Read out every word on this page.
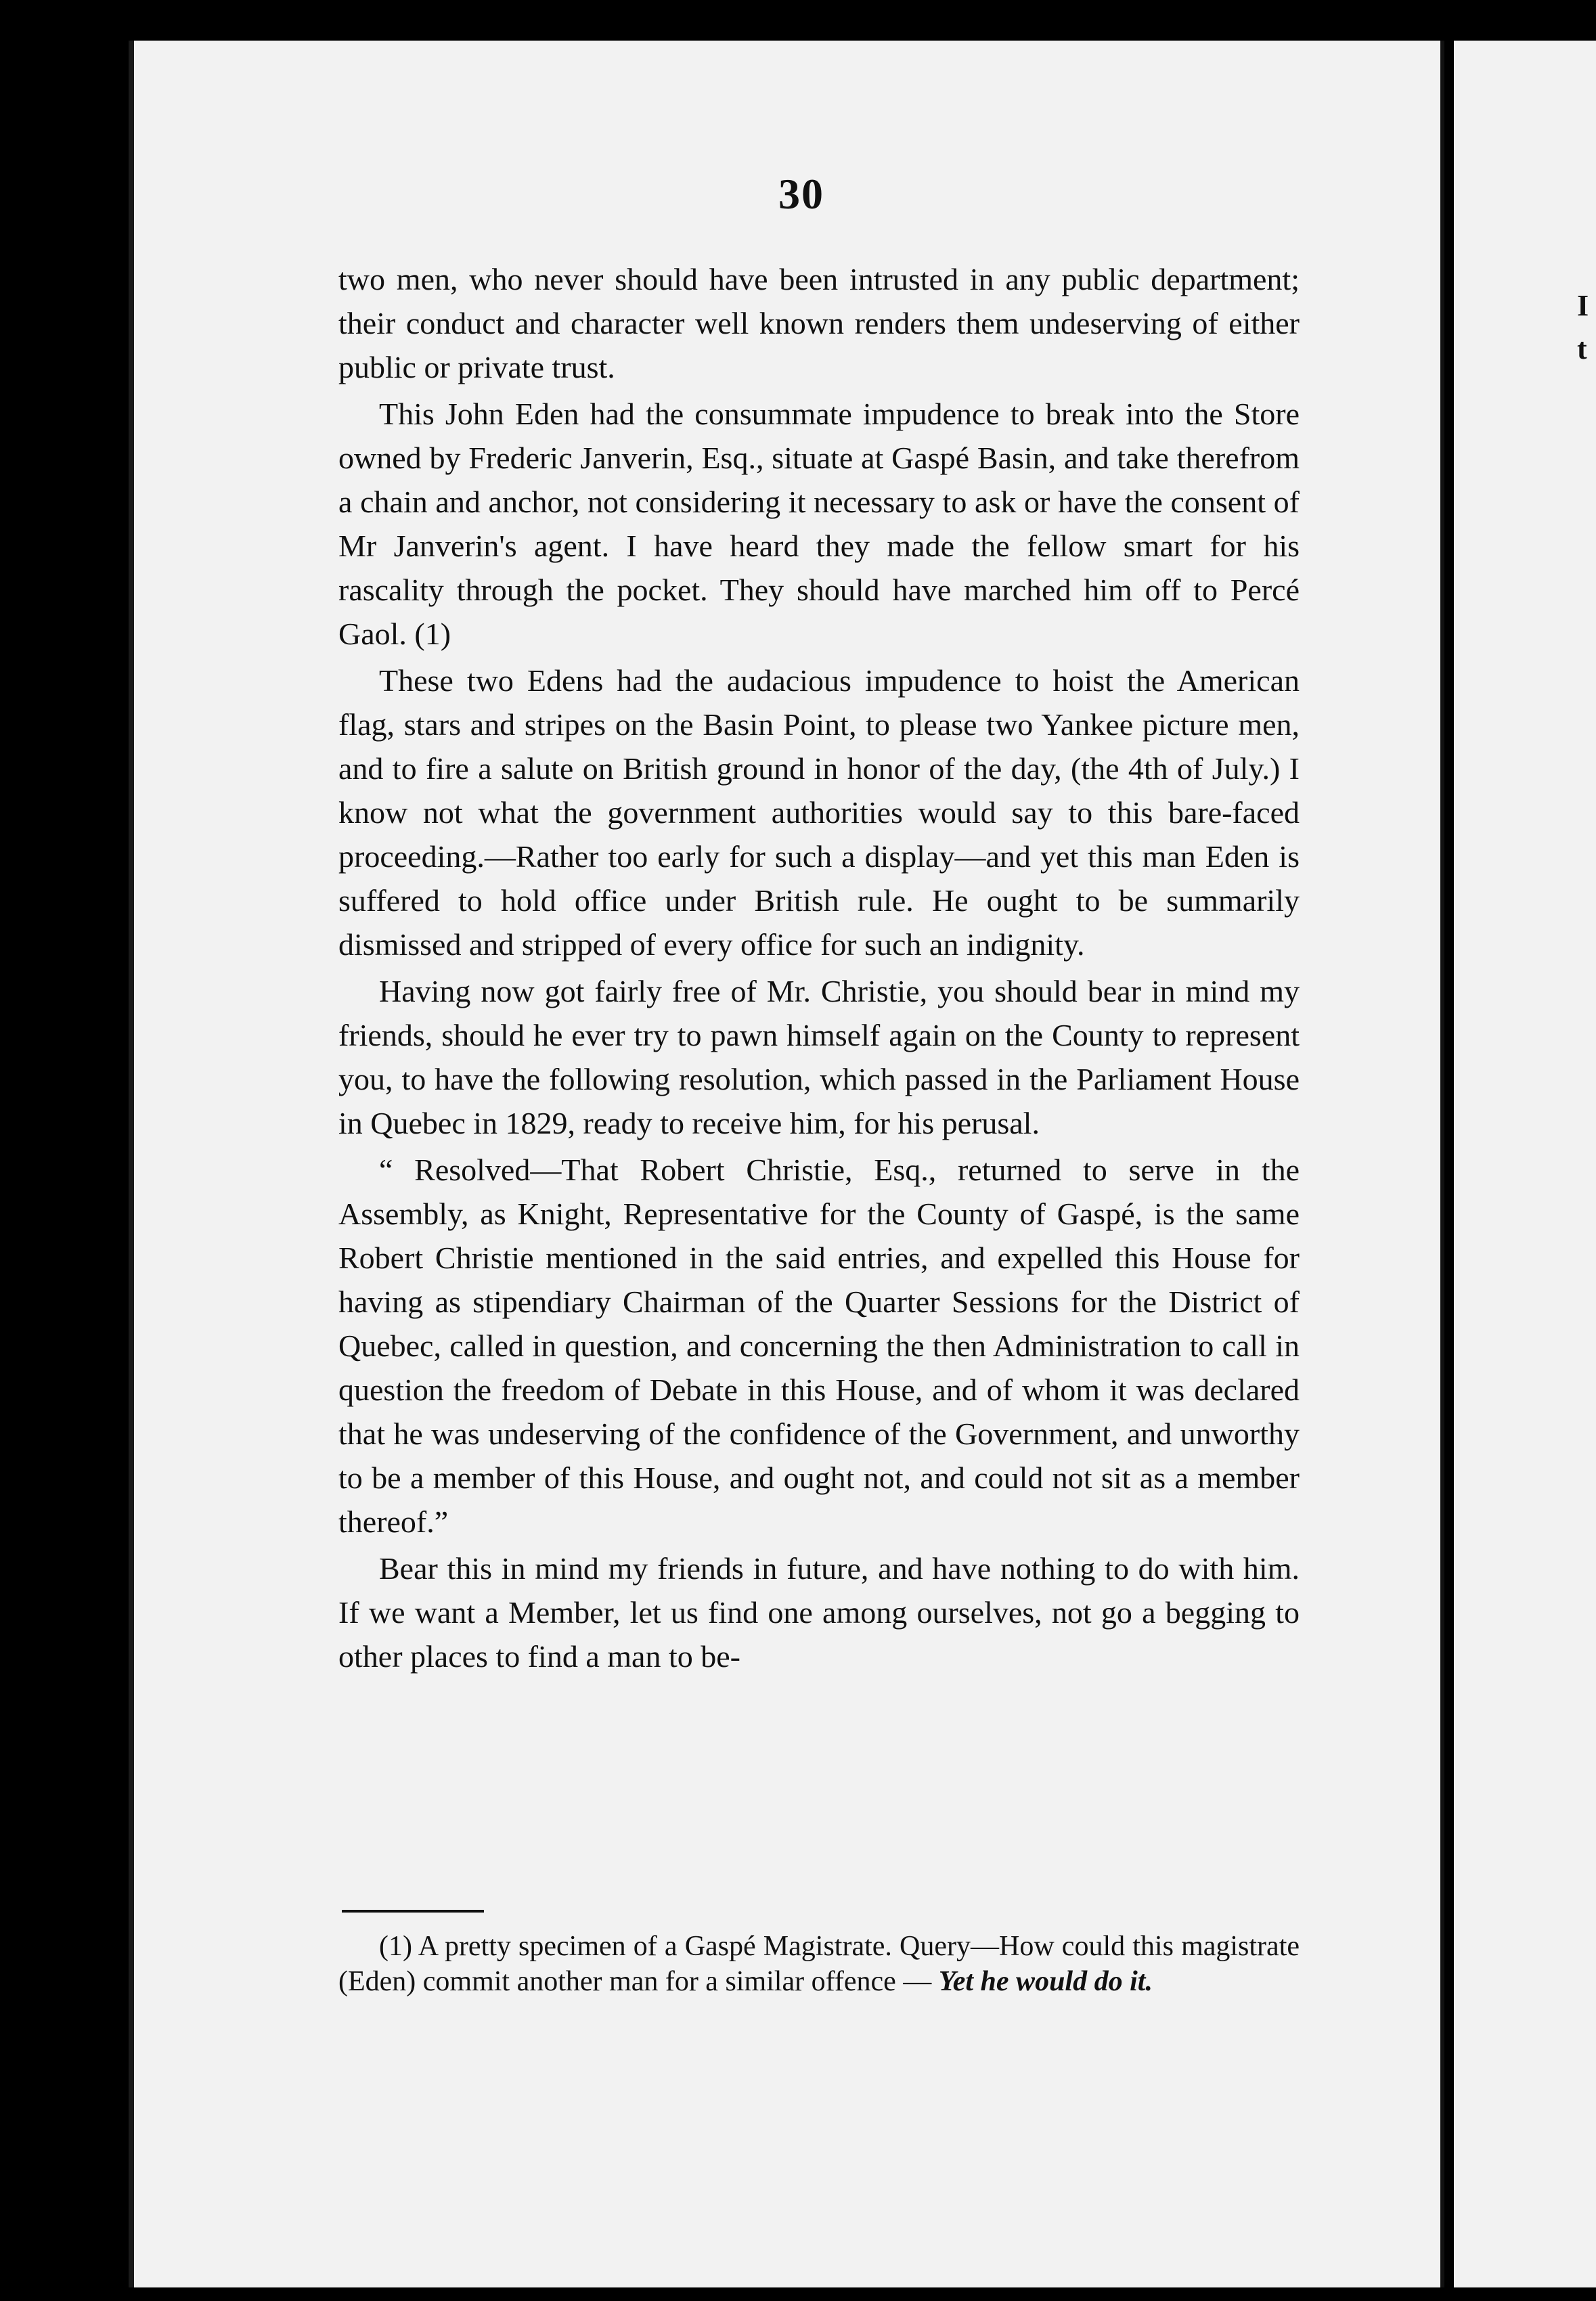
30

two men, who never should have been intrusted in any public department; their conduct and character well known renders them undeserving of either public or private trust.

This John Eden had the consummate impudence to break into the Store owned by Frederic Janverin, Esq., situate at Gaspé Basin, and take therefrom a chain and anchor, not considering it necessary to ask or have the consent of Mr Janverin's agent. I have heard they made the fellow smart for his rascality through the pocket. They should have marched him off to Percé Gaol. (1)

These two Edens had the audacious impudence to hoist the American flag, stars and stripes on the Basin Point, to please two Yankee picture men, and to fire a salute on British ground in honor of the day, (the 4th of July.) I know not what the government authorities would say to this bare-faced proceeding.—Rather too early for such a display—and yet this man Eden is suffered to hold office under British rule. He ought to be summarily dismissed and stripped of every office for such an indignity.

Having now got fairly free of Mr. Christie, you should bear in mind my friends, should he ever try to pawn himself again on the County to represent you, to have the following resolution, which passed in the Parliament House in Quebec in 1829, ready to receive him, for his perusal.

“ Resolved—That Robert Christie, Esq., returned to serve in the Assembly, as Knight, Representative for the County of Gaspé, is the same Robert Christie mentioned in the said entries, and expelled this House for having as stipendiary Chairman of the Quarter Sessions for the District of Quebec, called in question, and concerning the then Administration to call in question the freedom of Debate in this House, and of whom it was declared that he was undeserving of the confidence of the Government, and unworthy to be a member of this House, and ought not, and could not sit as a member thereof.”

Bear this in mind my friends in future, and have nothing to do with him. If we want a Member, let us find one among ourselves, not go a begging to other places to find a man to be-

(1) A pretty specimen of a Gaspé Magistrate. Query—How could this magistrate (Eden) commit another man for a similar offence — Yet he would do it.

I
t
